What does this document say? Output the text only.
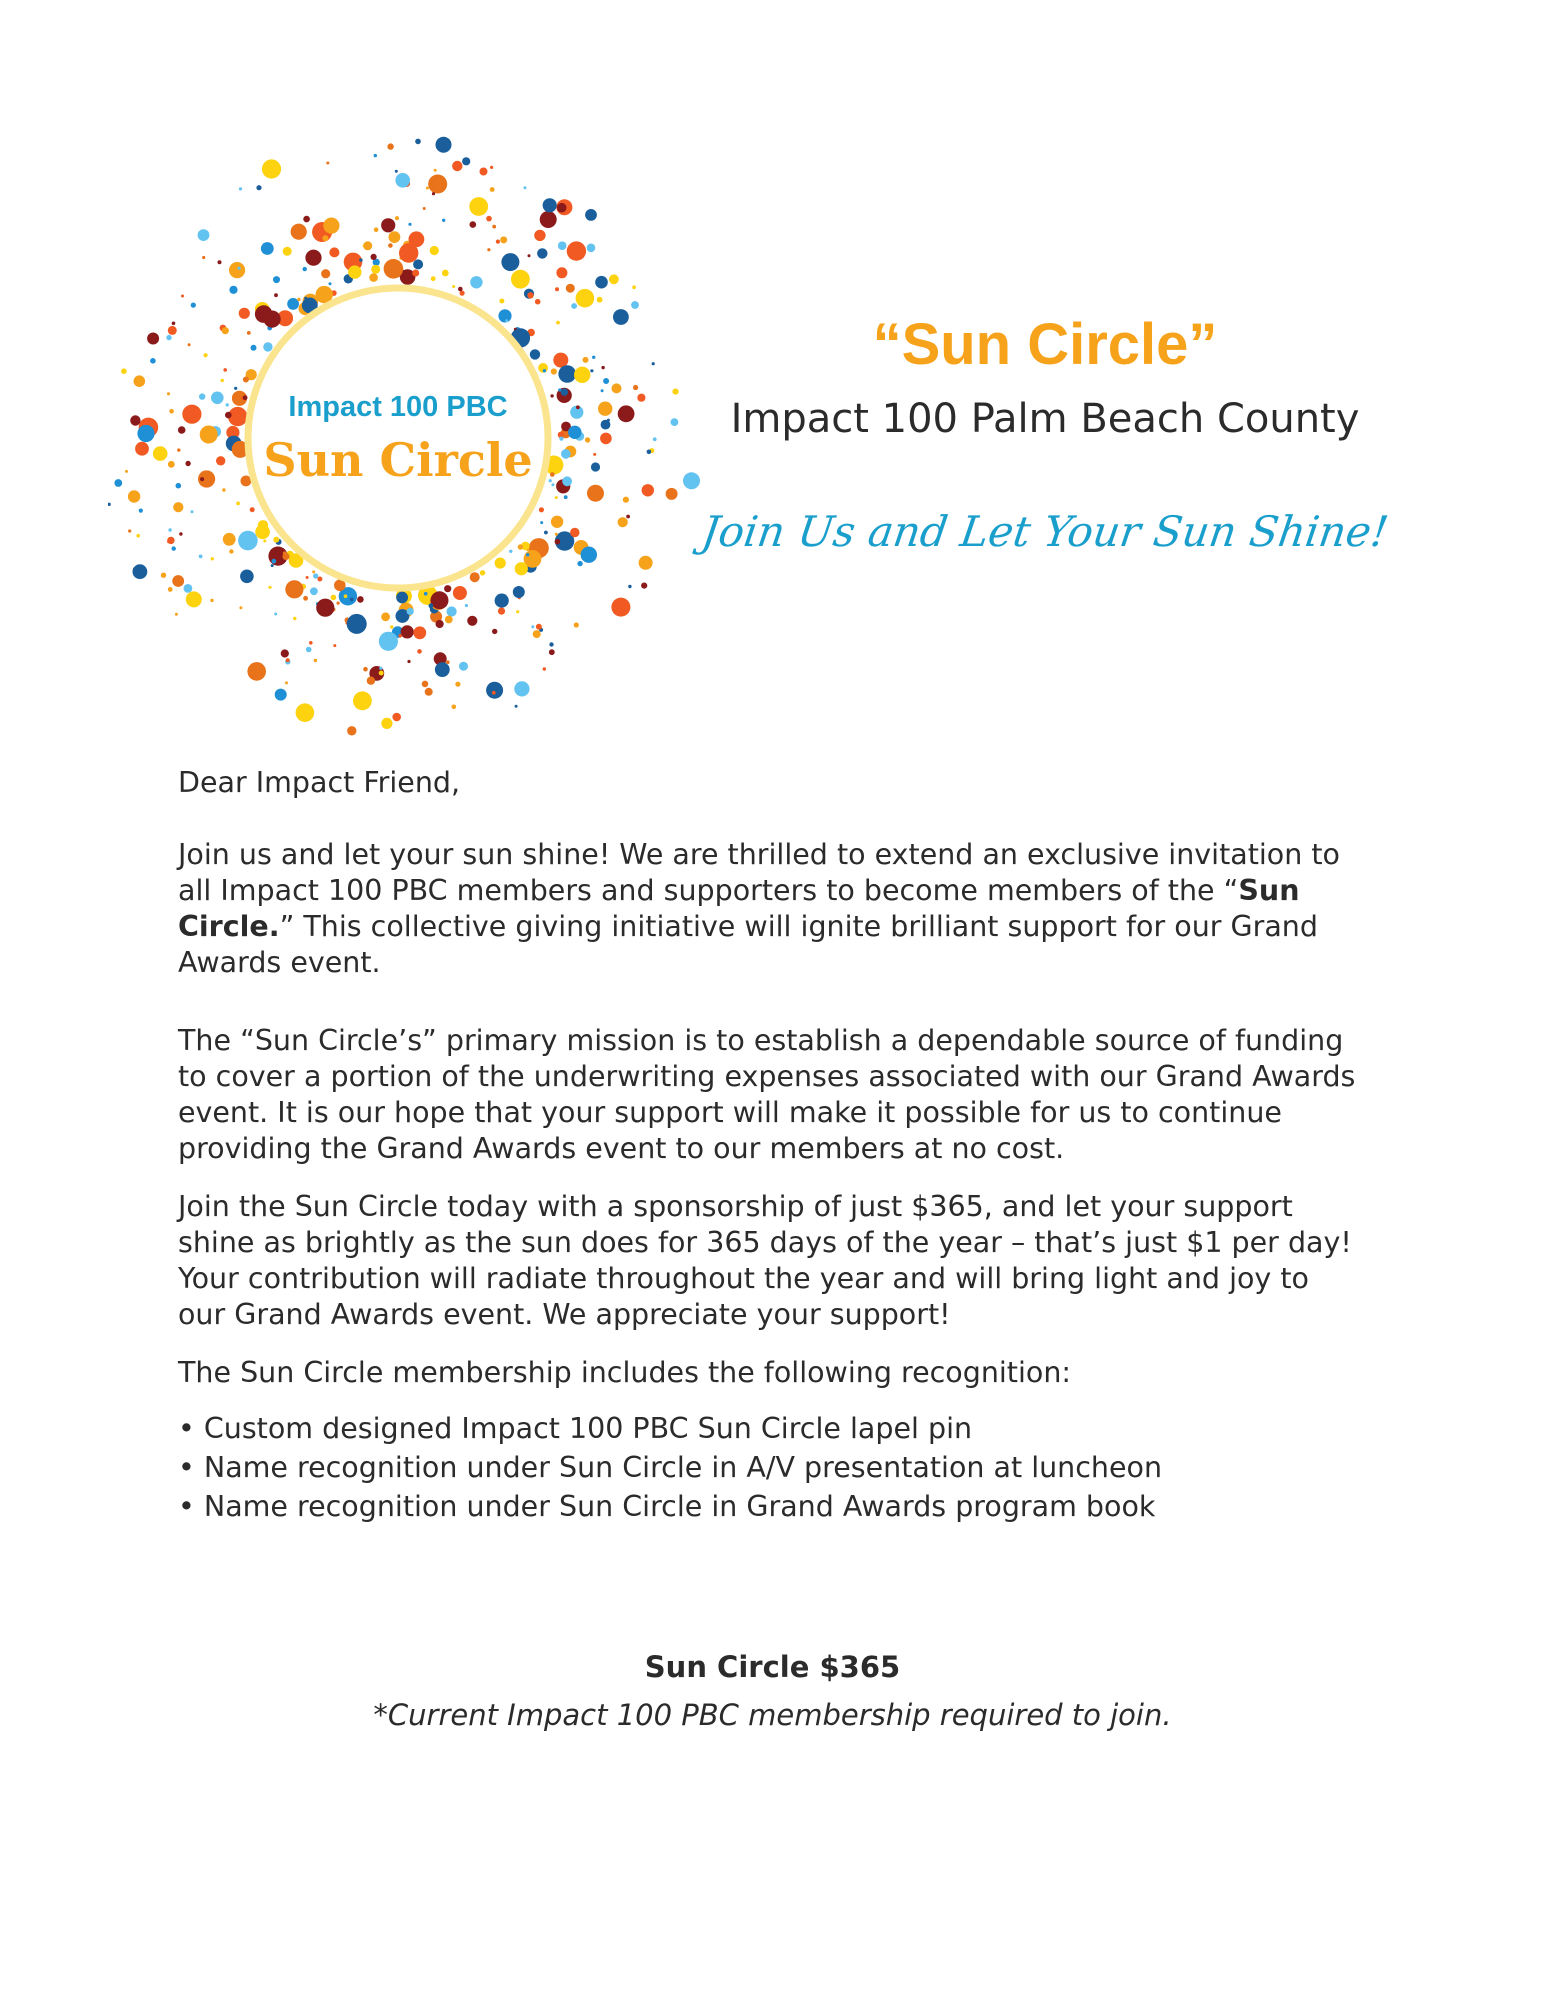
Impact 100 PBC
Sun Circle
“Sun Circle”
Impact 100 Palm Beach County
Join Us and Let Your Sun Shine!

Dear Impact Friend,

Join us and let your sun shine! We are thrilled to extend an exclusive invitation to all Impact 100 PBC members and supporters to become members of the “Sun Circle.” This collective giving initiative will ignite brilliant support for our Grand Awards event.

The “Sun Circle’s” primary mission is to establish a dependable source of funding to cover a portion of the underwriting expenses associated with our Grand Awards event. It is our hope that your support will make it possible for us to continue providing the Grand Awards event to our members at no cost.

Join the Sun Circle today with a sponsorship of just $365, and let your support shine as brightly as the sun does for 365 days of the year – that’s just $1 per day! Your contribution will radiate throughout the year and will bring light and joy to our Grand Awards event. We appreciate your support!

The Sun Circle membership includes the following recognition:

• Custom designed Impact 100 PBC Sun Circle lapel pin
• Name recognition under Sun Circle in A/V presentation at luncheon
• Name recognition under Sun Circle in Grand Awards program book
Sun Circle $365
*Current Impact 100 PBC membership required to join.
